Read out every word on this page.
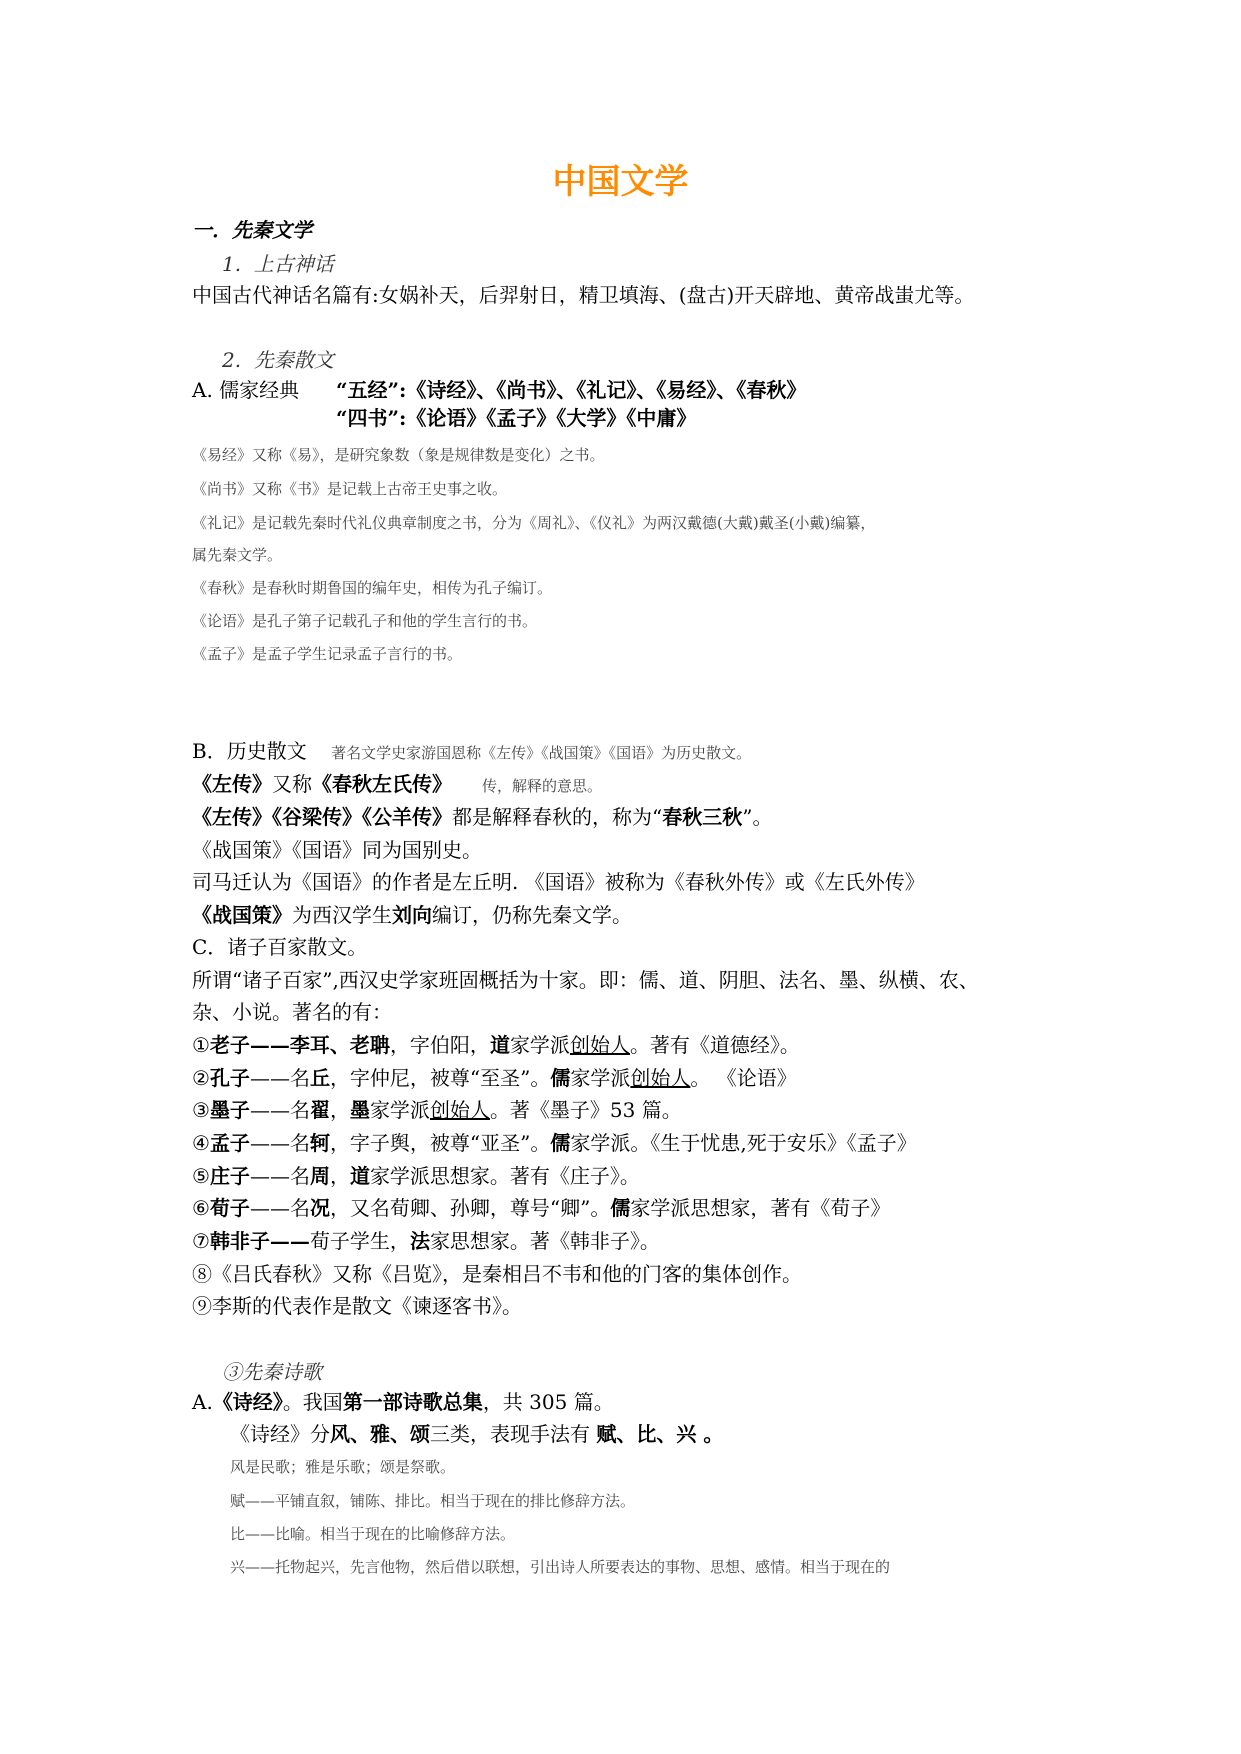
中国文学
一．先秦文学
1.  上古神话
中国古代神话名篇有:女娲补天，后羿射日，精卫填海、(盘古)开天辟地、黄帝战蚩尤等。
2.  先秦散文
A. 儒家经典 “五经”:《诗经》、《尚书》、《礼记》、《易经》、《春秋》
“四书”:《论语》《孟子》《大学》《中庸》
《易经》又称《易》，是研究象数（象是规律数是变化）之书。
《尚书》又称《书》是记载上古帝王史事之收。
《礼记》是记载先秦时代礼仪典章制度之书，分为《周礼》、《仪礼》为两汉戴德(大戴)戴圣(小戴)编纂，
属先秦文学。
《春秋》是春秋时期鲁国的编年史，相传为孔子编订。
《论语》是孔子第子记载孔子和他的学生言行的书。
《孟子》是孟子学生记录孟子言行的书。
B．历史散文 著名文学史家游国恩称《左传》《战国策》《国语》为历史散文。
《左传》又称《春秋左氏传》 传，解释的意思。
《左传》《谷梁传》《公羊传》都是解释春秋的，称为“春秋三秋”。
《战国策》《国语》同为国别史。
司马迁认为《国语》的作者是左丘明. 《国语》被称为《春秋外传》或《左氏外传》
《战国策》为西汉学生刘向编订，仍称先秦文学。
C．诸子百家散文。
所谓“诸子百家”,西汉史学家班固概括为十家。即：儒、道、阴胆、法名、墨、纵横、农、
杂、小说。著名的有：
①老子——李耳、老聃，字伯阳，道家学派创始人。著有《道德经》。
②孔子——名丘，字仲尼，被尊“至圣”。儒家学派创始人。 《论语》
③墨子——名翟，墨家学派创始人。著《墨子》53 篇。
④孟子——名轲，字子舆，被尊“亚圣”。儒家学派。《生于忧患,死于安乐》《孟子》
⑤庄子——名周，道家学派思想家。著有《庄子》。
⑥荀子——名况，又名荀卿、孙卿，尊号“卿”。儒家学派思想家，著有《荀子》
⑦韩非子——荀子学生，法家思想家。著《韩非子》。
⑧《吕氏春秋》又称《吕览》，是秦相吕不韦和他的门客的集体创作。
⑨李斯的代表作是散文《谏逐客书》。
③先秦诗歌
A.《诗经》。我国第一部诗歌总集，共 305 篇。
《诗经》分风、雅、颂三类，表现手法有 赋、比、兴 。
风是民歌；雅是乐歌；颂是祭歌。
赋——平铺直叙，铺陈、排比。相当于现在的排比修辞方法。
比——比喻。相当于现在的比喻修辞方法。
兴——托物起兴，先言他物，然后借以联想，引出诗人所要表达的事物、思想、感情。相当于现在的
